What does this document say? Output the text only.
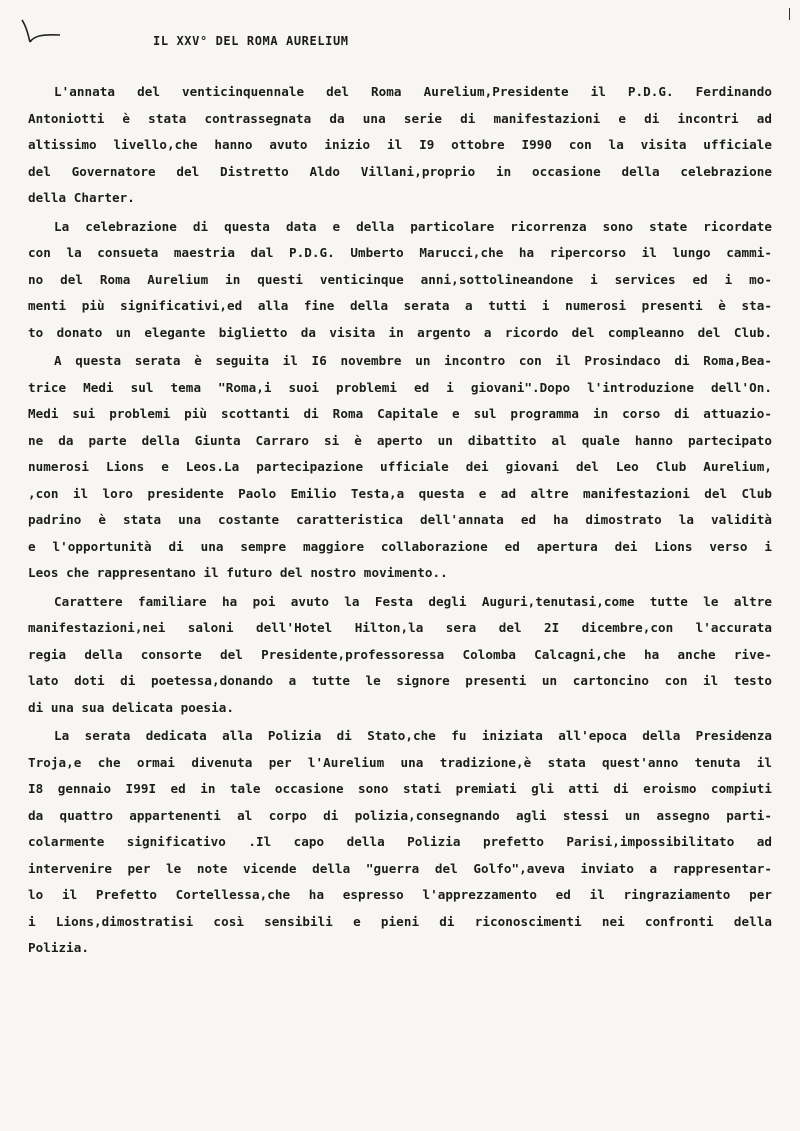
IL XXV° DEL ROMA AURELIUM
L'annata del venticinquennale del Roma Aurelium,Presidente il P.D.G. Ferdinando
Antoniotti è stata contrassegnata da una serie di manifestazioni e di incontri ad
altissimo livello,che hanno avuto inizio il I9 ottobre I990 con la visita ufficiale
del Governatore del Distretto Aldo Villani,proprio in occasione della celebrazione
della Charter.
La celebrazione di questa data e della particolare ricorrenza sono state ricordate
con la consueta maestria dal P.D.G. Umberto Marucci,che ha ripercorso il lungo cammi-
no del Roma Aurelium in questi venticinque anni,sottolineandone i services ed i mo-
menti più significativi,ed alla fine della serata a tutti i numerosi presenti è sta-
to donato un elegante biglietto da visita in argento a ricordo del compleanno del Club.
A questa serata è seguita il I6 novembre un incontro con il Prosindaco di Roma,Bea-
trice Medi sul tema "Roma,i suoi problemi ed i giovani".Dopo l'introduzione dell'On.
Medi sui problemi più scottanti di Roma Capitale e sul programma in corso di attuazio-
ne da parte della Giunta Carraro si è aperto un dibattito al quale hanno partecipato
numerosi Lions e Leos.La partecipazione ufficiale dei giovani del Leo Club Aurelium,
,con il loro presidente Paolo Emilio Testa,a questa e ad altre manifestazioni del Club
padrino è stata una costante caratteristica dell'annata ed ha dimostrato la validità
e l'opportunità di una sempre maggiore collaborazione ed apertura dei Lions verso i
Leos che rappresentano il futuro del nostro movimento..
Carattere familiare ha poi avuto la Festa degli Auguri,tenutasi,come tutte le altre
manifestazioni,nei saloni dell'Hotel Hilton,la sera del 2I dicembre,con l'accurata
regia della consorte del Presidente,professoressa Colomba Calcagni,che ha anche rive-
lato doti di poetessa,donando a tutte le signore presenti un cartoncino con il testo
di una sua delicata poesia.
La serata dedicata alla Polizia di Stato,che fu iniziata all'epoca della Presidenza
Troja,e che ormai divenuta per l'Aurelium una tradizione,è stata quest'anno tenuta il
I8 gennaio I99I ed in tale occasione sono stati premiati gli atti di eroismo compiuti
da quattro appartenenti al corpo di polizia,consegnando agli stessi un assegno parti-
colarmente significativo .Il capo della Polizia prefetto Parisi,impossibilitato ad
intervenire per le note vicende della "guerra del Golfo",aveva inviato a rappresentar-
lo il Prefetto Cortellessa,che ha espresso l'apprezzamento ed il ringraziamento per
i Lions,dimostratisi così sensibili e pieni di riconoscimenti nei confronti della
Polizia.
